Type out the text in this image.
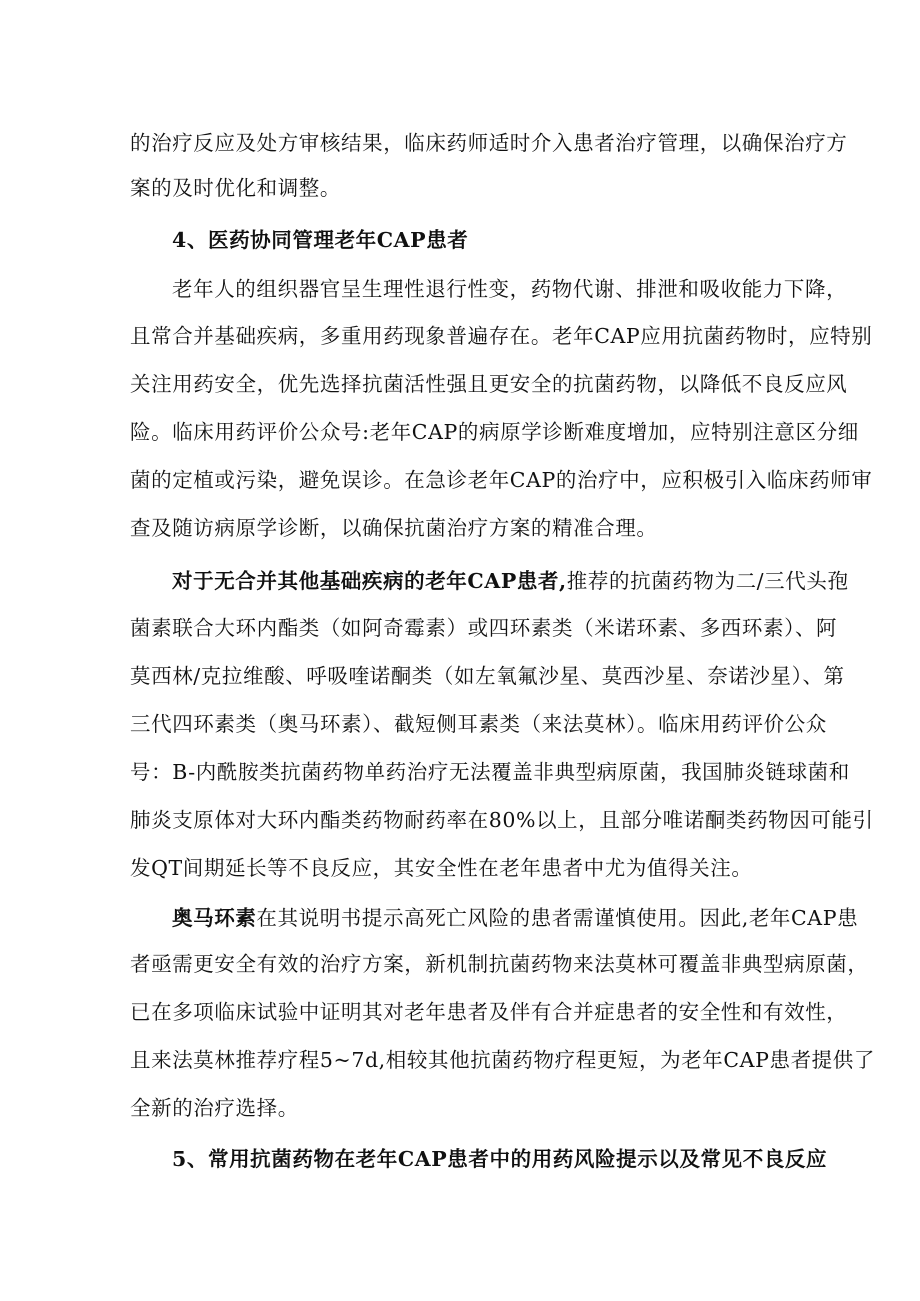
的治疗反应及处方审核结果，临床药师适时介入患者治疗管理，以确保治疗方
案的及时优化和调整。
4、医药协同管理老年CAP患者
老年人的组织器官呈生理性退行性变，药物代谢、排泄和吸收能力下降，
且常合并基础疾病，多重用药现象普遍存在。老年CAP应用抗菌药物时，应特别
关注用药安全，优先选择抗菌活性强且更安全的抗菌药物，以降低不良反应风
险。临床用药评价公众号:老年CAP的病原学诊断难度增加，应特别注意区分细
菌的定植或污染，避免误诊。在急诊老年CAP的治疗中，应积极引入临床药师审
查及随访病原学诊断，以确保抗菌治疗方案的精准合理。
对于无合并其他基础疾病的老年CAP患者,推荐的抗菌药物为二/三代头孢
菌素联合大环内酯类（如阿奇霉素）或四环素类（米诺环素、多西环素）、阿
莫西林/克拉维酸、呼吸喹诺酮类（如左氧氟沙星、莫西沙星、奈诺沙星）、第
三代四环素类（奥马环素）、截短侧耳素类（来法莫林）。临床用药评价公众
号：B-内酰胺类抗菌药物单药治疗无法覆盖非典型病原菌，我国肺炎链球菌和
肺炎支原体对大环内酯类药物耐药率在80%以上，且部分唯诺酮类药物因可能引
发QT间期延长等不良反应，其安全性在老年患者中尤为值得关注。
奥马环素在其说明书提示高死亡风险的患者需谨慎使用。因此,老年CAP患
者亟需更安全有效的治疗方案，新机制抗菌药物来法莫林可覆盖非典型病原菌，
已在多项临床试验中证明其对老年患者及伴有合并症患者的安全性和有效性，
且来法莫林推荐疗程5~7d,相较其他抗菌药物疗程更短，为老年CAP患者提供了
全新的治疗选择。
5、常用抗菌药物在老年CAP患者中的用药风险提示以及常见不良反应
